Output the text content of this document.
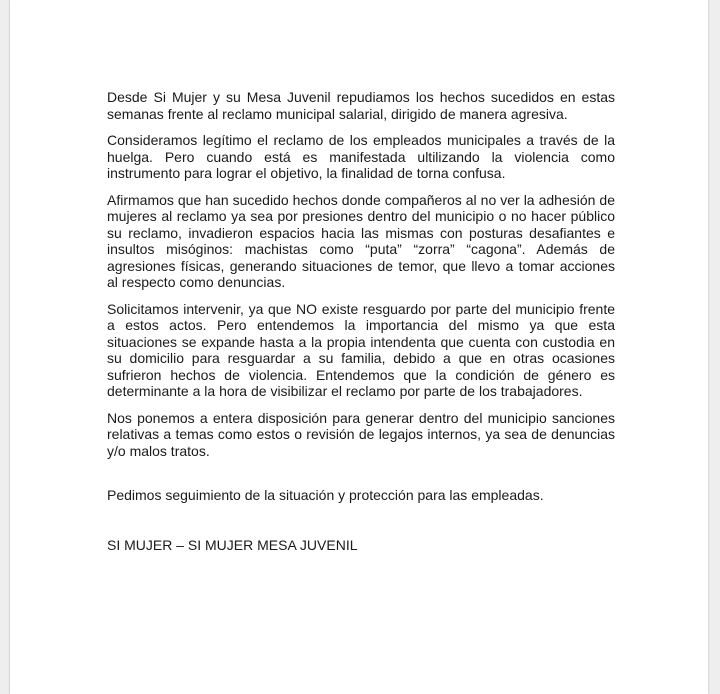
Desde Si Mujer y su Mesa Juvenil repudiamos los hechos sucedidos en estas semanas frente al reclamo municipal salarial, dirigido de manera agresiva.

Consideramos legítimo el reclamo de los empleados municipales a través de la huelga. Pero cuando está es manifestada ultilizando la violencia como instrumento para lograr el objetivo, la finalidad de torna confusa.

Afirmamos que han sucedido hechos donde compañeros al no ver la adhesión de mujeres al reclamo ya sea por presiones dentro del municipio o no hacer público su reclamo, invadieron espacios hacia las mismas con posturas desafiantes e insultos misóginos: machistas como “puta” “zorra” “cagona”. Además de agresiones físicas, generando situaciones de temor, que llevo a tomar acciones al respecto como denuncias.

Solicitamos intervenir, ya que NO existe resguardo por parte del municipio frente a estos actos. Pero entendemos la importancia del mismo ya que esta situaciones se expande hasta a la propia intendenta que cuenta con custodia en su domicilio para resguardar a su familia, debido a que en otras ocasiones sufrieron hechos de violencia. Entendemos que la condición de género es determinante a la hora de visibilizar el reclamo por parte de los trabajadores.

Nos ponemos a entera disposición para generar dentro del municipio sanciones relativas a temas como estos o revisión de legajos internos, ya sea de denuncias y/o malos tratos.

Pedimos seguimiento de la situación y protección para las empleadas.

SI MUJER – SI MUJER MESA JUVENIL
